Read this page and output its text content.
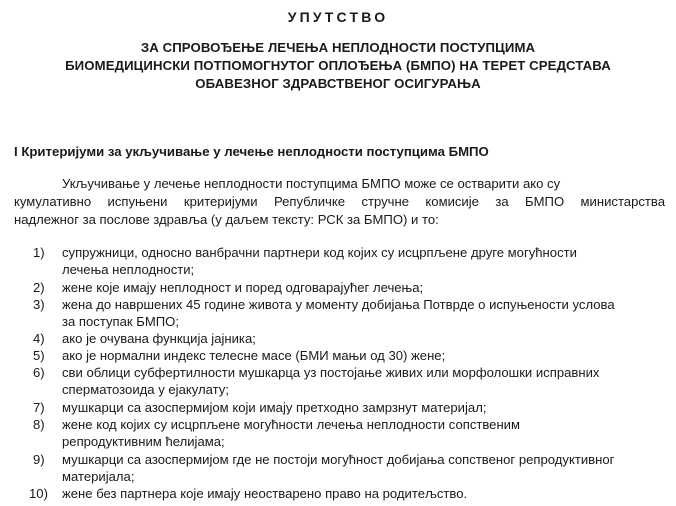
УПУТСТВО
ЗА СПРОВОЂЕЊЕ ЛЕЧЕЊА НЕПЛОДНОСТИ ПОСТУПЦИМА
БИОМЕДИЦИНСКИ ПОТПОМОГНУТОГ ОПЛОЂЕЊА (БМПО) НА ТЕРЕТ СРЕДСТАВА
ОБАВЕЗНОГ ЗДРАВСТВЕНОГ ОСИГУРАЊА
I Критеријуми за укључивање у лечење неплодности поступцима БМПО
Укључивање у лечење неплодности поступцима БМПО може се остварити ако су
кумулативно испуњени критеријуми Републичке стручне комисије за БМПО министарства
надлежног за послове здравља (у даљем тексту: РСК за БМПО) и то:
1) супружници, односно ванбрачни партнери код којих су исцрпљене друге могућности
лечења неплодности;
2) жене које имају неплодност и поред одговарајућег лечења;
3) жена до навршених 45 године живота у моменту добијања Потврде о испуњености услова
за поступак БМПО;
4) ако је очувана функција јајника;
5) ако је нормални индекс телесне масе (БМИ мањи од 30) жене;
6) сви облици субфертилности мушкарца уз постојање живих или морфолошки исправних
сперматозоида у ејакулату;
7) мушкарци са азоспермијом који имају претходно замрзнут материјал;
8) жене код којих су исцрпљене могућности лечења неплодности сопственим
репродуктивним ћелијама;
9) мушкарци са азоспермијом где не постоји могућност добијања сопственог репродуктивног
материјала;
10) жене без партнера које имају неостварено право на родитељство.
